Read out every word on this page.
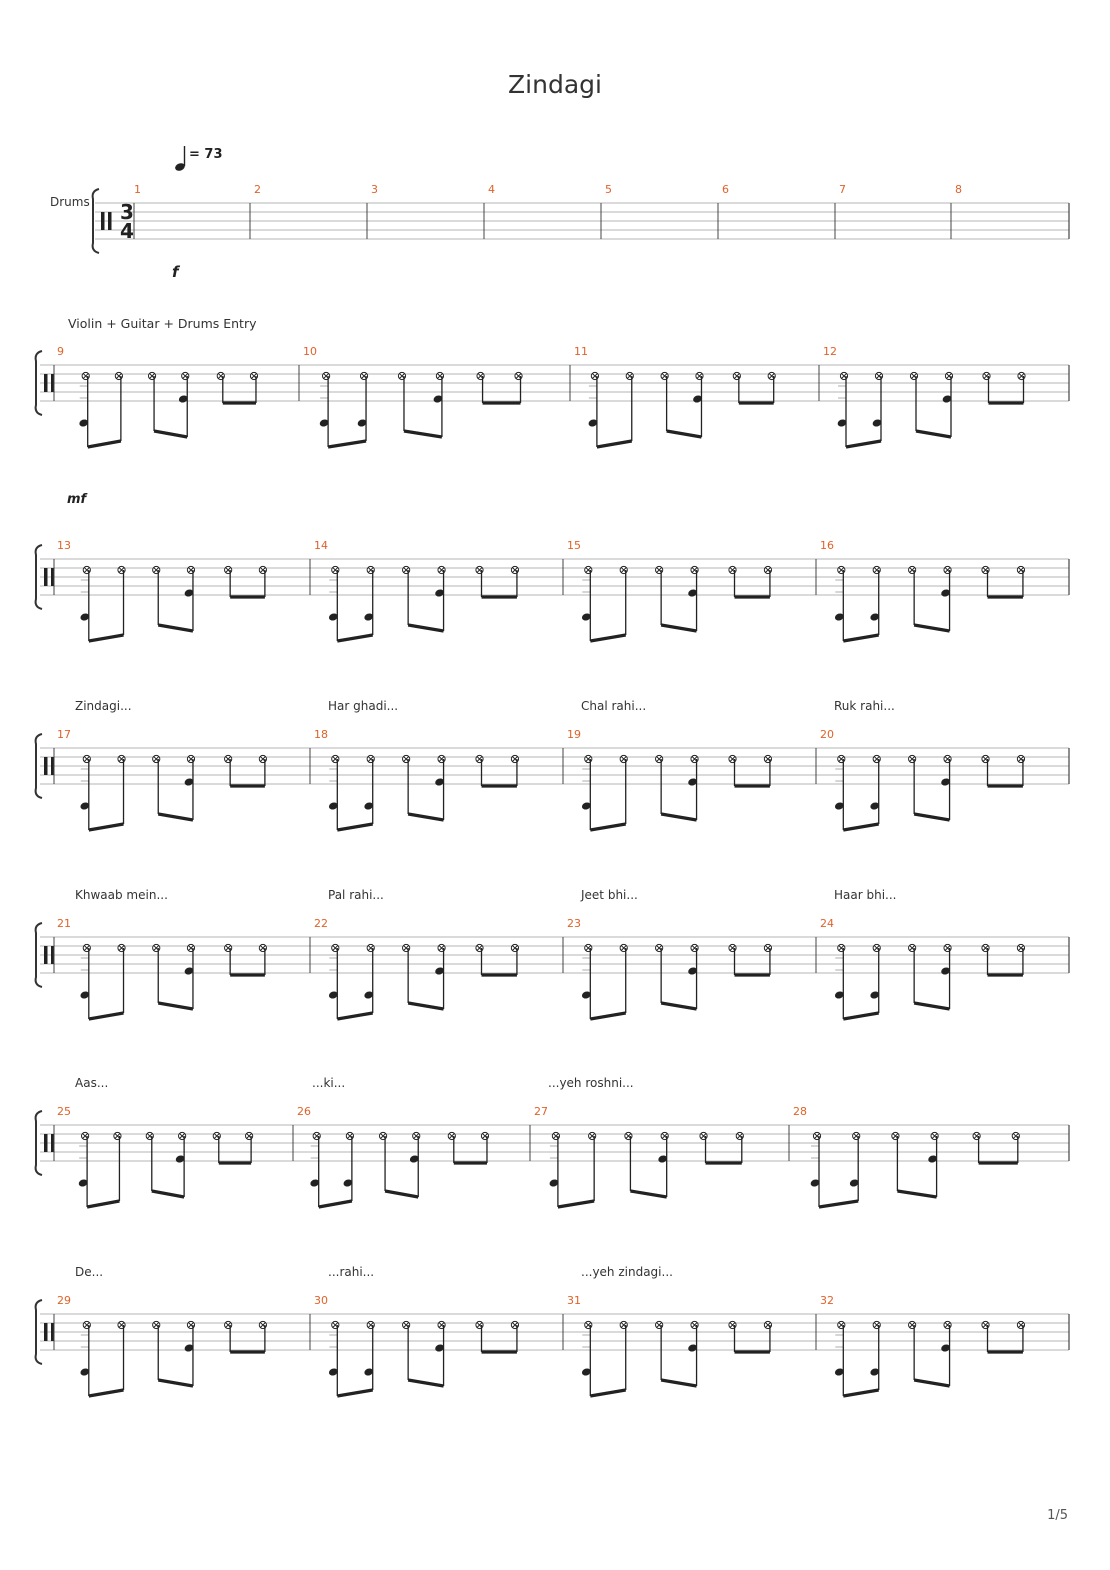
Zindagi
= 73
Drums
f
Violin + Guitar + Drums Entry
mf
3
4
1	2	3	4	5	6	7	8
9	10	11	12
13	14	15	16
17	18	19	20
Zindagi...	Har ghadi...	Chal rahi...	Ruk rahi...
21	22	23	24
Khwaab mein...	Pal rahi...	Jeet bhi...	Haar bhi...
25	26	27	28
Aas...	...ki...	...yeh roshni...
29	30	31	32
De...	...rahi...	...yeh zindagi...
1/5
